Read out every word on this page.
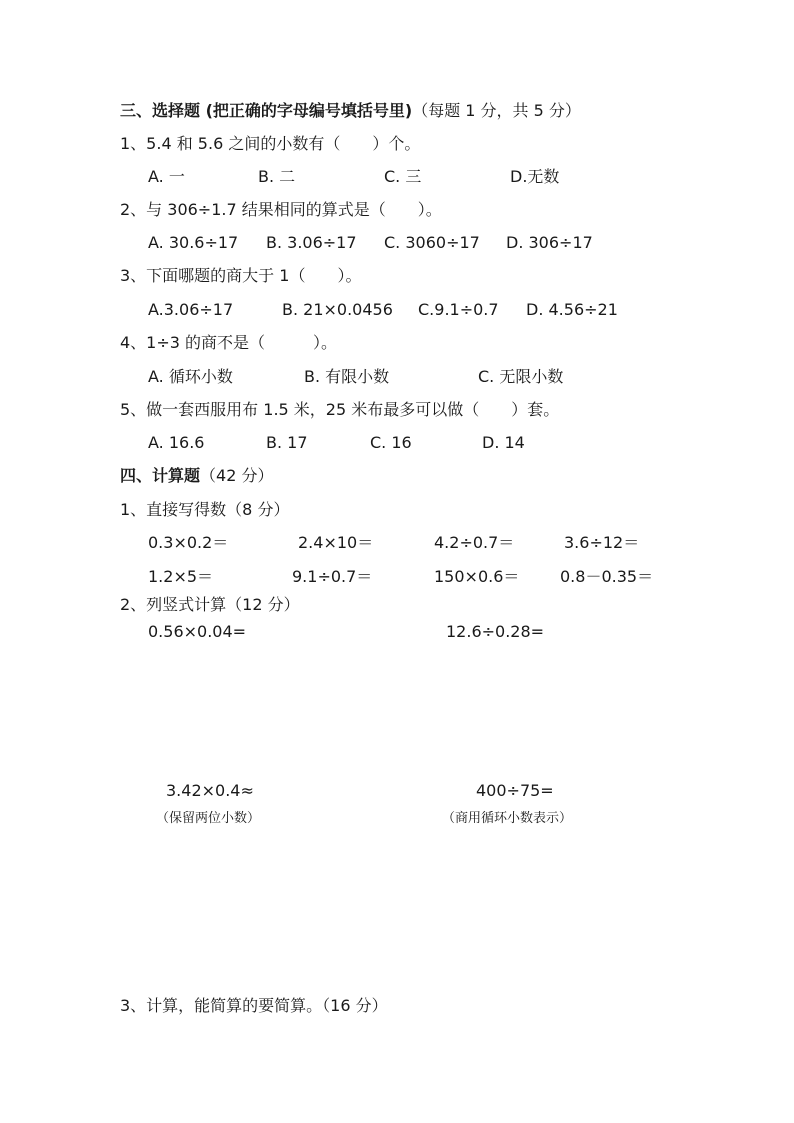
三、选择题 (把正确的字母编号填括号里)（每题 1 分，共 5 分）
1、5.4 和 5.6 之间的小数有（　　）个。
A. 一	B. 二	C. 三	D.无数
2、与 306÷1.7 结果相同的算式是（　　）。
A. 30.6÷17 B. 3.06÷17 C. 3060÷17 D. 306÷17
3、下面哪题的商大于 1（　　）。
A.3.06÷17	B. 21×0.0456 C.9.1÷0.7 D. 4.56÷21
4、1÷3 的商不是（　　　）。
A. 循环小数	B. 有限小数	C. 无限小数
5、做一套西服用布 1.5 米，25 米布最多可以做（　　）套。
A. 16.6	B. 17	C. 16	D. 14
四、计算题（42 分）
1、直接写得数（8 分）
0.3×0.2＝	2.4×10＝	4.2÷0.7＝	3.6÷12＝
1.2×5＝	9.1÷0.7＝	150×0.6＝	0.8－0.35＝
2、列竖式计算（12 分）
0.56×0.04=	12.6÷0.28=
3.42×0.4≈	400÷75=
（保留两位小数）	（商用循环小数表示）
3、计算，能简算的要简算。（16 分）
